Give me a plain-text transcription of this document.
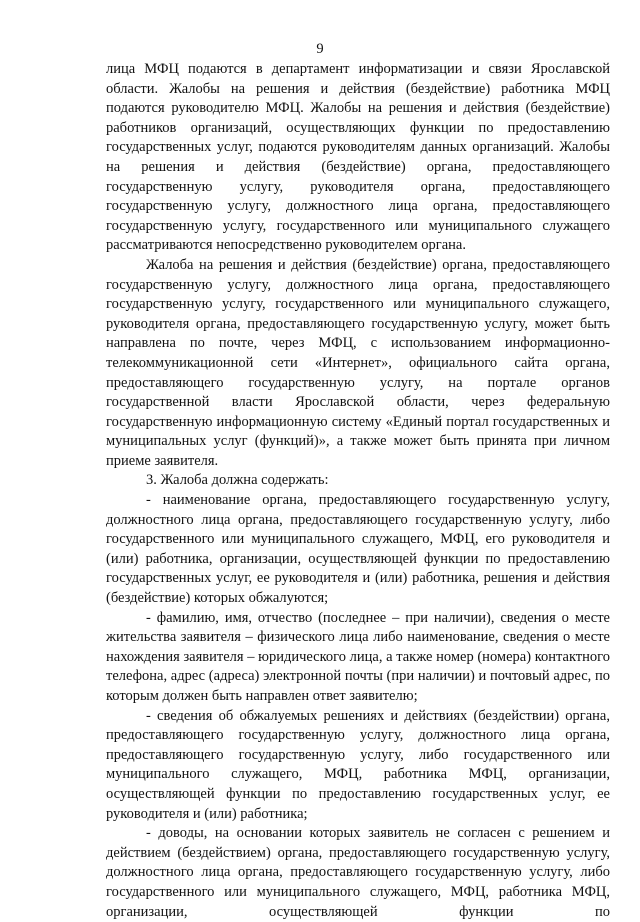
9

лица МФЦ подаются в департамент информатизации и связи Ярославской области. Жалобы на решения и действия (бездействие) работника МФЦ подаются руководителю МФЦ. Жалобы на решения и действия (бездействие) работников организаций, осуществляющих функции по предоставлению государственных услуг, подаются руководителям данных организаций. Жалобы на решения и действия (бездействие) органа, предоставляющего государственную услугу, руководителя органа, предоставляющего государственную услугу, должностного лица органа, предоставляющего государственную услугу, государственного или муниципального служащего рассматриваются непосредственно руководителем органа.

Жалоба на решения и действия (бездействие) органа, предоставляющего государственную услугу, должностного лица органа, предоставляющего государственную услугу, государственного или муниципального служащего, руководителя органа, предоставляющего государственную услугу, может быть направлена по почте, через МФЦ, с использованием информационно-телекоммуникационной сети «Интернет», официального сайта органа, предоставляющего государственную услугу, на портале органов государственной власти Ярославской области, через федеральную государственную информационную систему «Единый портал государственных и муниципальных услуг (функций)», а также может быть принята при личном приеме заявителя.

3. Жалоба должна содержать:

- наименование органа, предоставляющего государственную услугу, должностного лица органа, предоставляющего государственную услугу, либо государственного или муниципального служащего, МФЦ, его руководителя и (или) работника, организации, осуществляющей функции по предоставлению государственных услуг, ее руководителя и (или) работника, решения и действия (бездействие) которых обжалуются;

- фамилию, имя, отчество (последнее – при наличии), сведения о месте жительства заявителя – физического лица либо наименование, сведения о месте нахождения заявителя – юридического лица, а также номер (номера) контактного телефона, адрес (адреса) электронной почты (при наличии) и почтовый адрес, по которым должен быть направлен ответ заявителю;

- сведения об обжалуемых решениях и действиях (бездействии) органа, предоставляющего государственную услугу, должностного лица органа, предоставляющего государственную услугу, либо государственного или муниципального служащего, МФЦ, работника МФЦ, организации, осуществляющей функции по предоставлению государственных услуг, ее руководителя и (или) работника;

- доводы, на основании которых заявитель не согласен с решением и действием (бездействием) органа, предоставляющего государственную услугу, должностного лица органа, предоставляющего государственную услугу, либо государственного или муниципального служащего, МФЦ, работника МФЦ, организации, осуществляющей функции по
